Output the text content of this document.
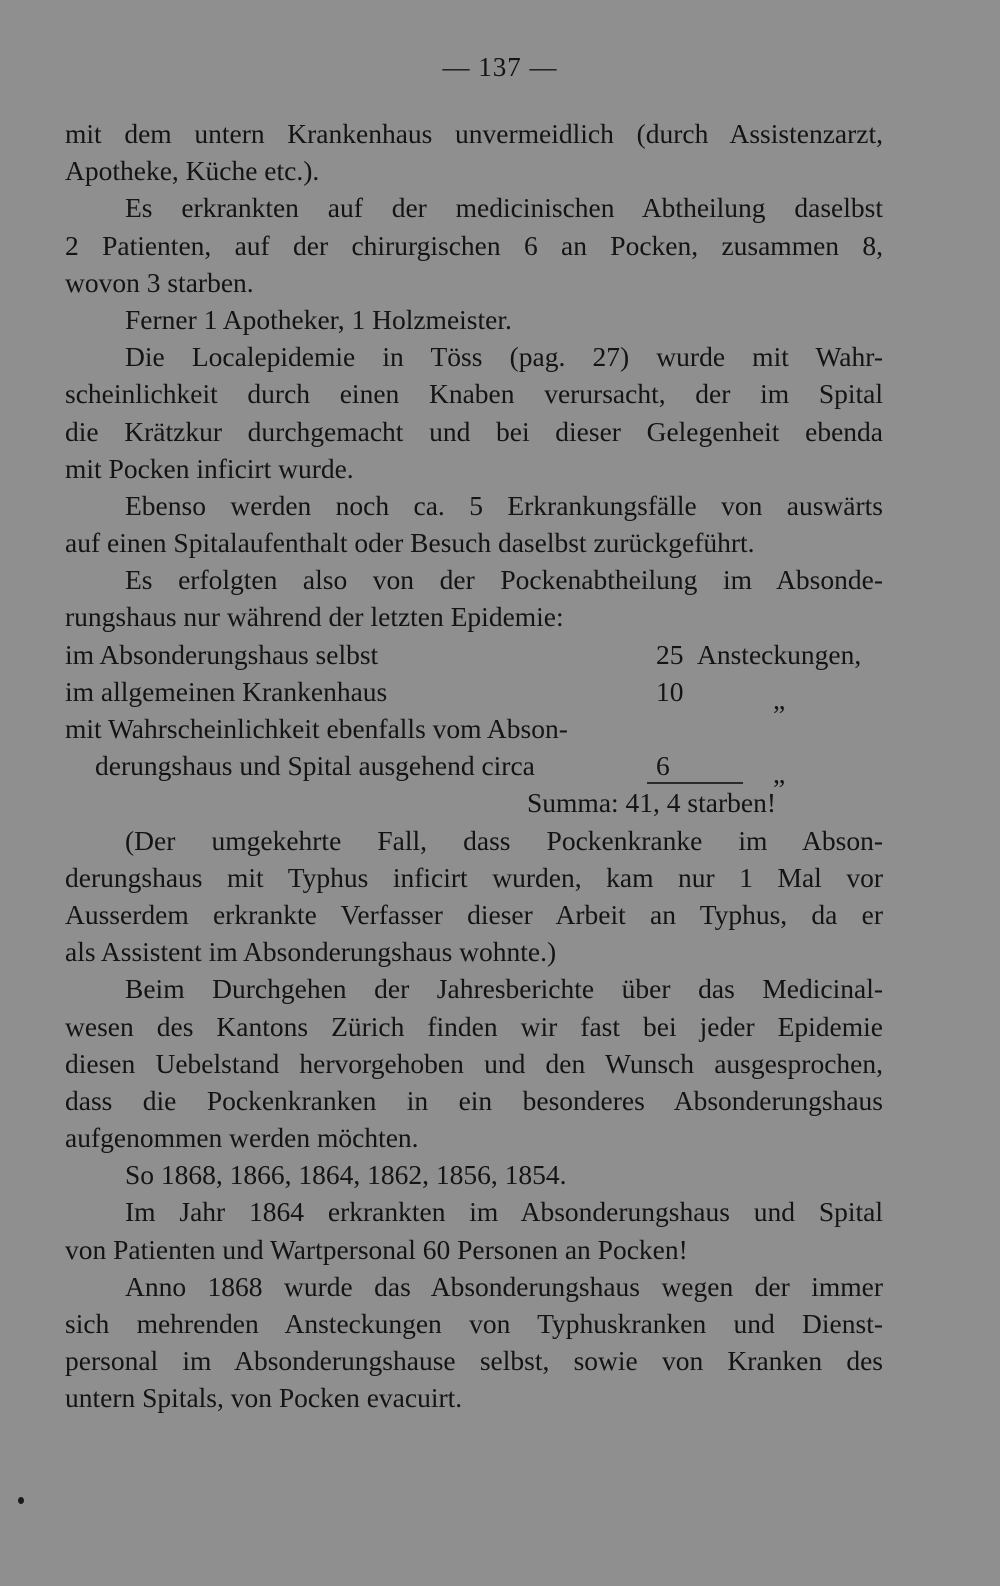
— 137 —
mit dem untern Krankenhaus unvermeidlich (durch Assistenzarzt,
Apotheke, Küche etc.).
Es erkrankten auf der medicinischen Abtheilung daselbst
2 Patienten, auf der chirurgischen 6 an Pocken, zusammen 8,
wovon 3 starben.
Ferner 1 Apotheker, 1 Holzmeister.
Die Localepidemie in Töss (pag. 27) wurde mit Wahr-
scheinlichkeit durch einen Knaben verursacht, der im Spital
die Krätzkur durchgemacht und bei dieser Gelegenheit ebenda
mit Pocken inficirt wurde.
Ebenso werden noch ca. 5 Erkrankungsfälle von auswärts
auf einen Spitalaufenthalt oder Besuch daselbst zurückgeführt.
Es erfolgten also von der Pockenabtheilung im Absonde-
rungshaus nur während der letzten Epidemie:
im Absonderungshaus selbst	25 Ansteckungen,
im allgemeinen Krankenhaus	10	„
mit Wahrscheinlichkeit ebenfalls vom Abson-
derungshaus und Spital ausgehend circa	6	„
Summa: 41, 4 starben!
(Der umgekehrte Fall, dass Pockenkranke im Abson-
derungshaus mit Typhus inficirt wurden, kam nur 1 Mal vor
Ausserdem erkrankte Verfasser dieser Arbeit an Typhus, da er
als Assistent im Absonderungshaus wohnte.)
Beim Durchgehen der Jahresberichte über das Medicinal-
wesen des Kantons Zürich finden wir fast bei jeder Epidemie
diesen Uebelstand hervorgehoben und den Wunsch ausgesprochen,
dass die Pockenkranken in ein besonderes Absonderungshaus
aufgenommen werden möchten.
So 1868, 1866, 1864, 1862, 1856, 1854.
Im Jahr 1864 erkrankten im Absonderungshaus und Spital
von Patienten und Wartpersonal 60 Personen an Pocken!
Anno 1868 wurde das Absonderungshaus wegen der immer
sich mehrenden Ansteckungen von Typhuskranken und Dienst-
personal im Absonderungshause selbst, sowie von Kranken des
untern Spitals, von Pocken evacuirt.
